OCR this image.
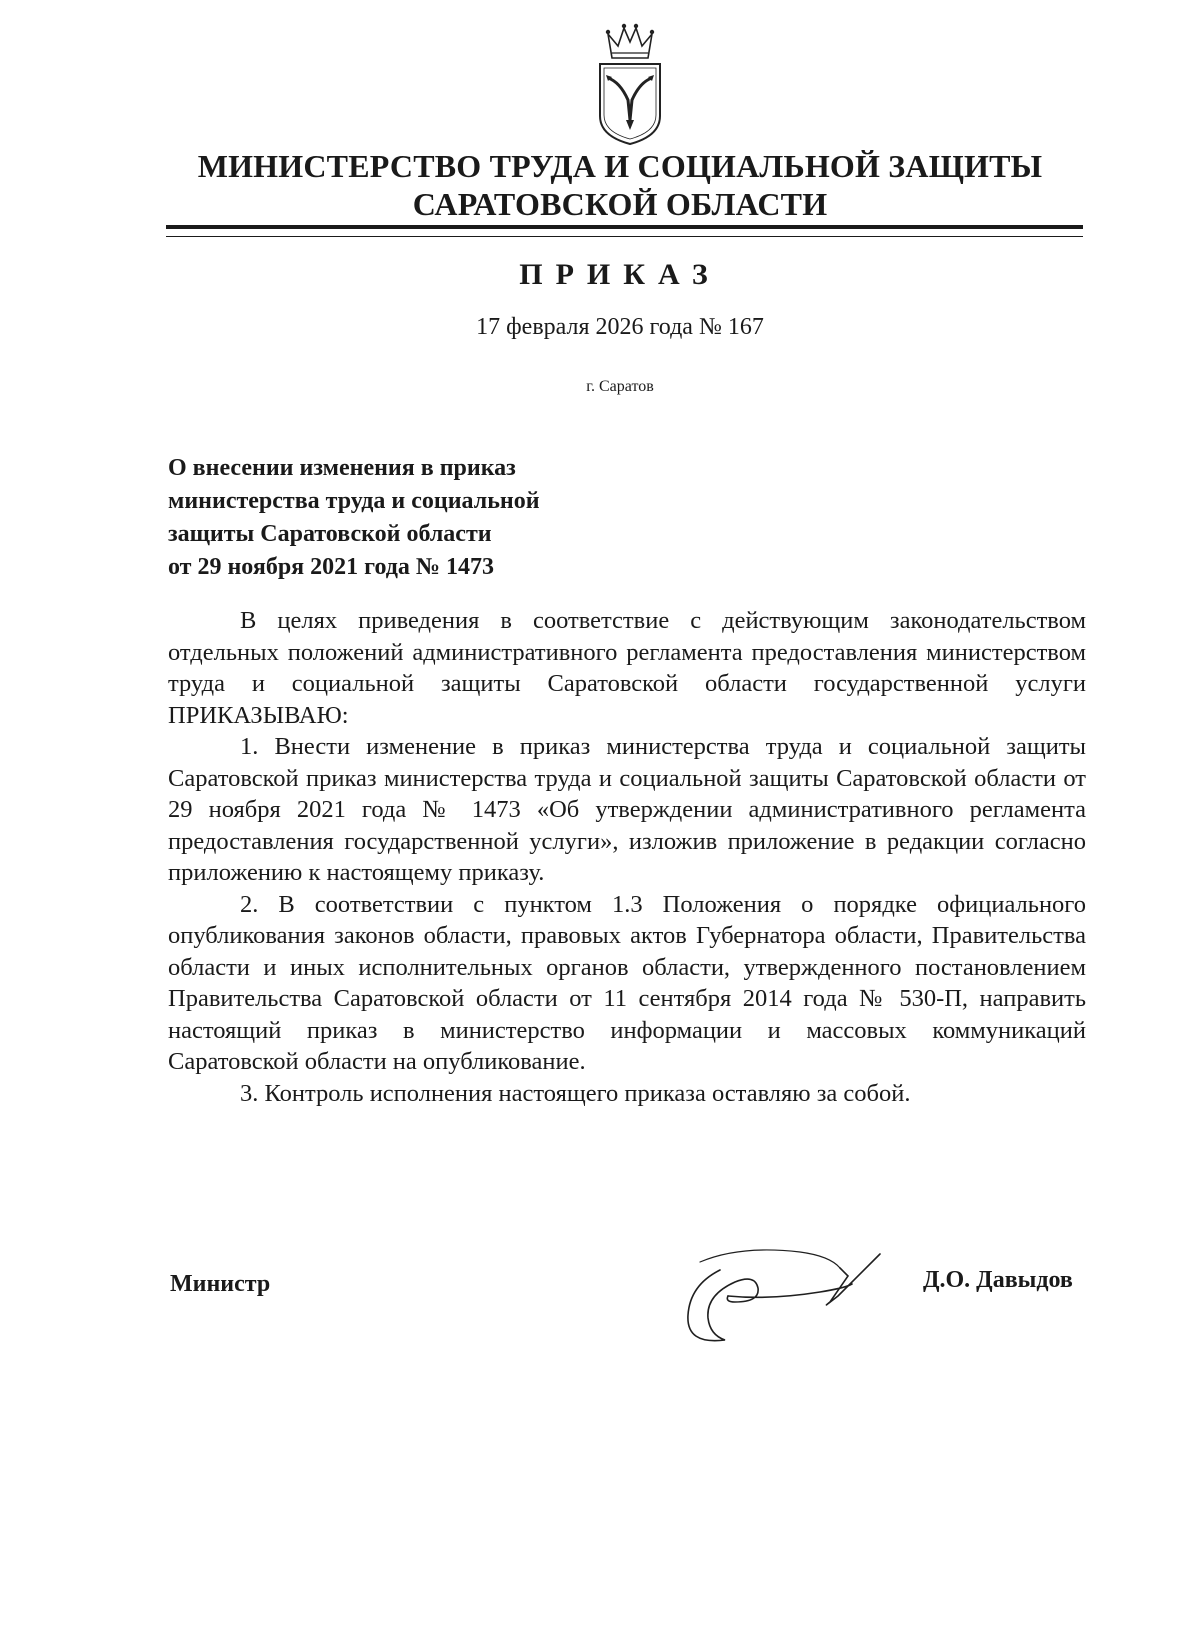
МИНИСТЕРСТВО ТРУДА И СОЦИАЛЬНОЙ ЗАЩИТЫ
САРАТОВСКОЙ ОБЛАСТИ
ПРИКАЗ
17 февраля 2026 года № 167
г. Саратов
О внесении изменения в приказ
министерства труда и социальной
защиты Саратовской области
от 29 ноября 2021 года № 1473

В целях приведения в соответствие с действующим законодательством отдельных положений административного регламента предоставления министерством труда и социальной защиты Саратовской области государственной услуги ПРИКАЗЫВАЮ:

1. Внести изменение в приказ министерства труда и социальной защиты Саратовской приказ министерства труда и социальной защиты Саратовской области от 29 ноября 2021 года № 1473 «Об утверждении административного регламента предоставления государственной услуги», изложив приложение в редакции согласно приложению к настоящему приказу.

2. В соответствии с пунктом 1.3 Положения о порядке официального опубликования законов области, правовых актов Губернатора области, Правительства области и иных исполнительных органов области, утвержденного постановлением Правительства Саратовской области от 11 сентября 2014 года № 530-П, направить настоящий приказ в министерство информации и массовых коммуникаций Саратовской области на опубликование.

3. Контроль исполнения настоящего приказа оставляю за собой.

Министр	Д.О. Давыдов
